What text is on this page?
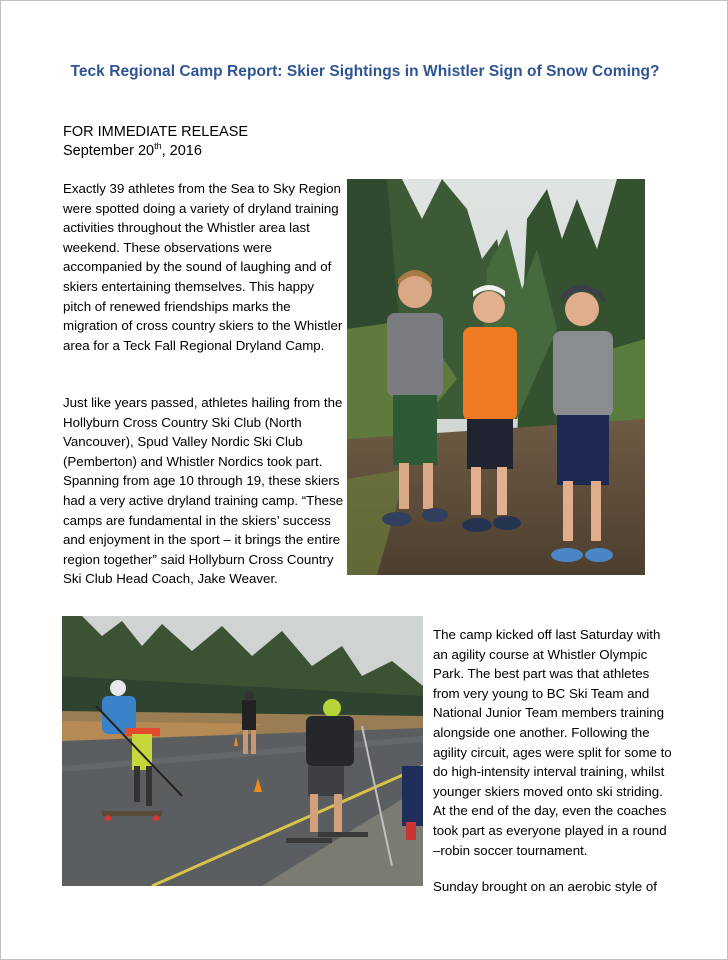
Teck Regional Camp Report: Skier Sightings in Whistler Sign of Snow Coming?
FOR IMMEDIATE RELEASE
September 20th, 2016
Exactly 39 athletes from the Sea to Sky Region were spotted doing a variety of dryland training activities throughout the Whistler area last weekend. These observations were accompanied by the sound of laughing and of skiers entertaining themselves. This happy pitch of renewed friendships marks the migration of cross country skiers to the Whistler area for a Teck Fall Regional Dryland Camp.
Just like years passed, athletes hailing from the Hollyburn Cross Country Ski Club (North Vancouver), Spud Valley Nordic Ski Club (Pemberton) and Whistler Nordics took part. Spanning from age 10 through 19, these skiers had a very active dryland training camp. “These camps are fundamental in the skiers’ success and enjoyment in the sport – it brings the entire region together” said Hollyburn Cross Country Ski Club Head Coach, Jake Weaver.
The camp kicked off last Saturday with an agility course at Whistler Olympic Park. The best part was that athletes from very young to BC Ski Team and National Junior Team members training alongside one another. Following the agility circuit, ages were split for some to do high-intensity interval training, whilst younger skiers moved onto ski striding. At the end of the day, even the coaches took part as everyone played in a round –robin soccer tournament.
Sunday brought on an aerobic style of
